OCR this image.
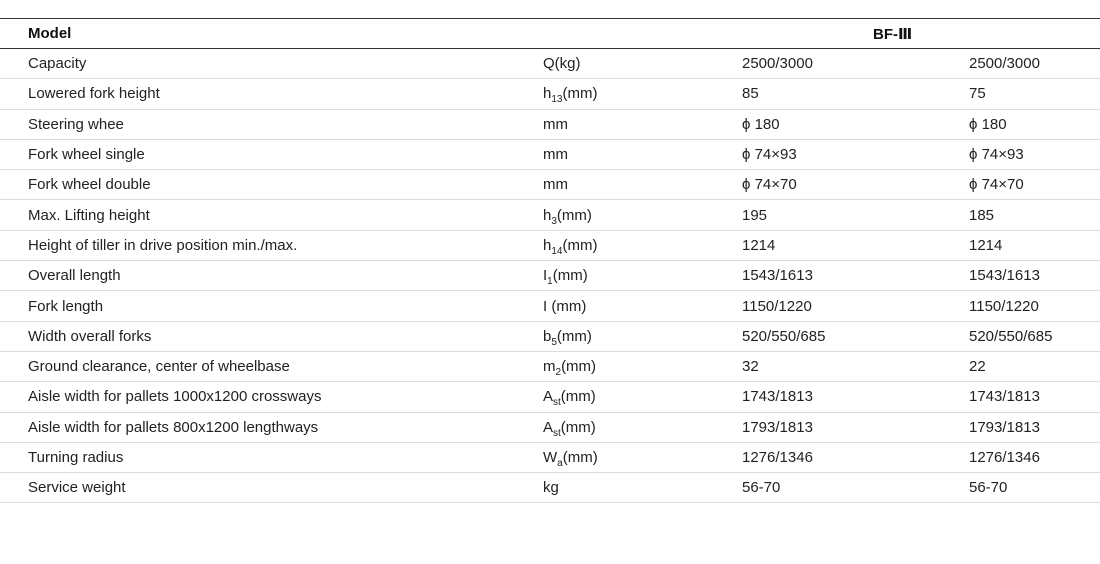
Model		BF-Ⅲ	
Capacity	Q(kg)	2500/3000	2500/3000
Lowered fork height	$h_{13}(mm)$	85	75
Steering whee	mm	ϕ 180	ϕ 180
Fork wheel single	mm	ϕ 74×93	ϕ 74×93
Fork wheel double	mm	ϕ 74×70	ϕ 74×70
Max. Lifting height	$h_3(mm)$	195	185
Height of tiller in drive position min./max.	$h_{14}(mm)$	1214	1214
Overall length	$I_1(mm)$	1543/1613	1543/1613
Fork length	I (mm)	1150/1220	1150/1220
Width overall forks	$b_5(mm)$	520/550/685	520/550/685
Ground clearance, center of wheelbase	$m_2(mm)$	32	22
Aisle width for pallets 1000x1200 crossways	$A_{st}(mm)$	1743/1813	1743/1813
Aisle width for pallets 800x1200 lengthways	$A_{st}(mm)$	1793/1813	1793/1813
Turning radius	$W_a(mm)$	1276/1346	1276/1346
Service weight	kg	56-70	56-70
